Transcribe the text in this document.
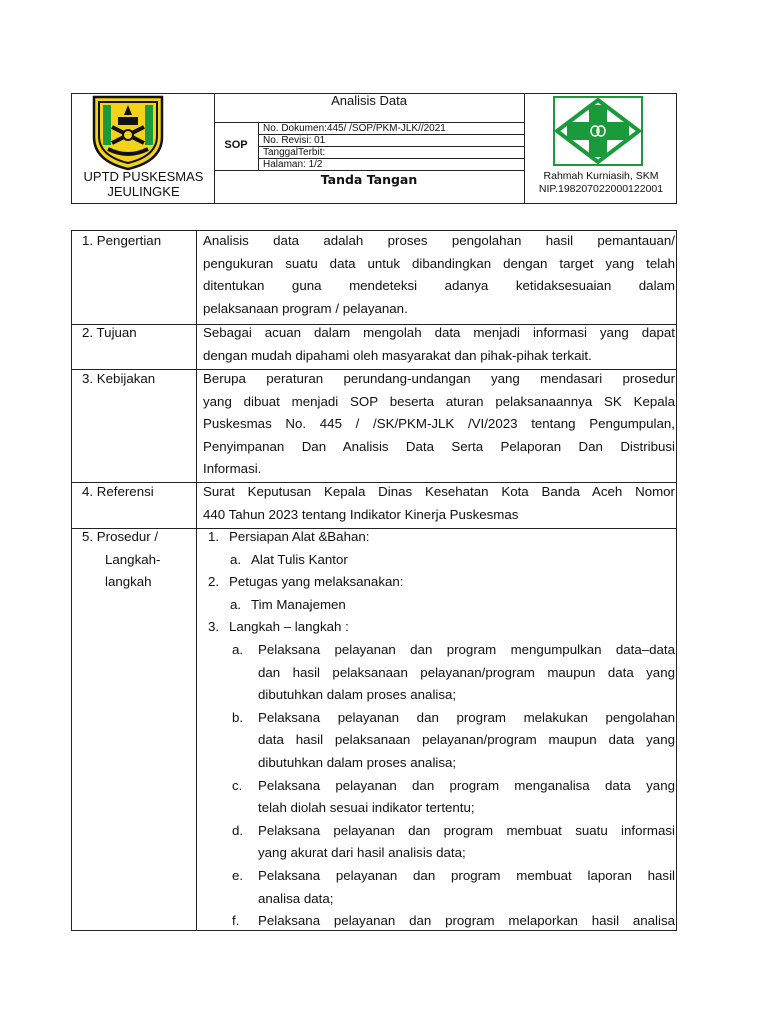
UPTD PUSKESMAS
JEULINGKE
Analisis Data
SOP
No. Dokumen:445/ /SOP/PKM-JLK//2021
No. Revisi: 01
TanggalTerbit:
Halaman: 1/2
Tanda Tangan	Rahmah Kurniasih, SKM
NIP.198207022000122001
1. Pengertian	Analisis data adalah proses pengolahan hasil pemantauan/
pengukuran suatu data untuk dibandingkan dengan target yang telah
ditentukan guna mendeteksi adanya ketidaksesuaian dalam
pelaksanaan program / pelayanan.
2. Tujuan	Sebagai acuan dalam mengolah data menjadi informasi yang dapat
dengan mudah dipahami oleh masyarakat dan pihak-pihak terkait.
3. Kebijakan	Berupa peraturan perundang-undangan yang mendasari prosedur
yang dibuat menjadi SOP beserta aturan pelaksanaannya SK Kepala
Puskesmas No. 445 / /SK/PKM-JLK /VI/2023 tentang Pengumpulan,
Penyimpanan Dan Analisis Data Serta Pelaporan Dan Distribusi
Informasi.
4. Referensi	Surat Keputusan Kepala Dinas Kesehatan Kota Banda Aceh Nomor
440 Tahun 2023 tentang Indikator Kinerja Puskesmas
5. Prosedur /
Langkah-
langkah
1. Persiapan Alat &Bahan:
a. Alat Tulis Kantor
2. Petugas yang melaksanakan:
a. Tim Manajemen
3. Langkah – langkah :
a. Pelaksana pelayanan dan program mengumpulkan data–data
dan hasil pelaksanaan pelayanan/program maupun data yang
dibutuhkan dalam proses analisa;
b. Pelaksana pelayanan dan program melakukan pengolahan
data hasil pelaksanaan pelayanan/program maupun data yang
dibutuhkan dalam proses analisa;
c. Pelaksana pelayanan dan program menganalisa data yang
telah diolah sesuai indikator tertentu;
d. Pelaksana pelayanan dan program membuat suatu informasi
yang akurat dari hasil analisis data;
e. Pelaksana pelayanan dan program membuat laporan hasil
analisa data;
f. Pelaksana pelayanan dan program melaporkan hasil analisa
